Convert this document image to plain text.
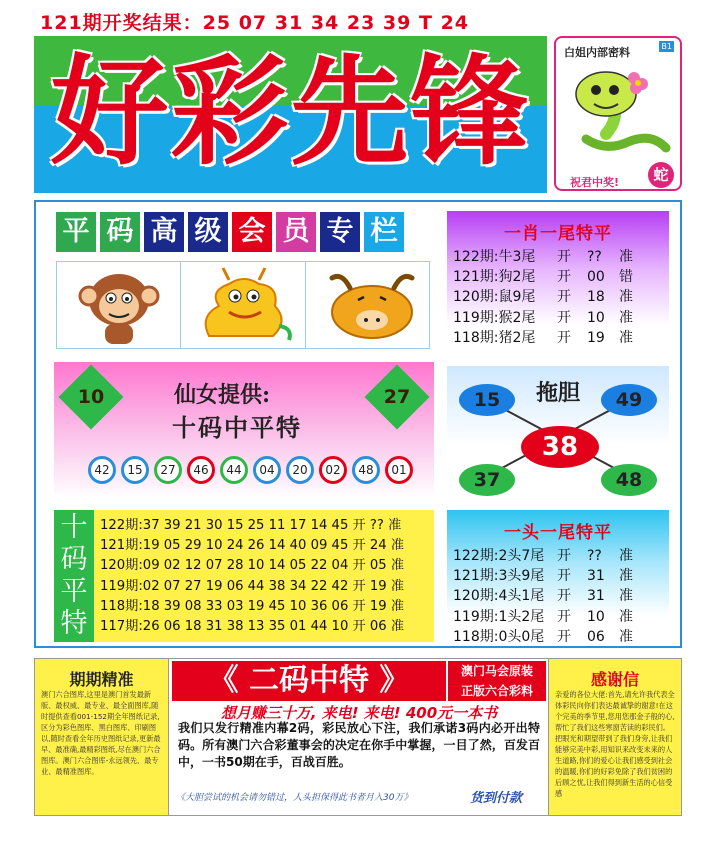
121期开奖结果：25 07 31 34 23 39 T 24
好彩先锋	白姐内部密料	B1
祝君中奖!	蛇
平 码 高 级 会 员 专 栏
10	27
仙女提供:
十码中平特
42	15	27	46	44	04	20	02	48	01
十
码
平
特
122期:37 39 21 30 15 25 11 17 14 45 开 ?? 准
121期:19 05 29 10 24 26 14 40 09 45 开 24 准
120期:09 02 12 07 28 10 14 05 22 04 开 05 准
119期:02 07 27 19 06 44 38 34 22 42 开 19 准
118期:18 39 08 33 03 19 45 10 36 06 开 19 准
117期:26 06 18 31 38 13 35 01 44 10 开 06 准
一肖一尾特平
122期:牛3尾 开 ?? 准
121期:狗2尾 开 00 错
120期:鼠9尾 开 18 准
119期:猴2尾 开 10 准
118期:猪2尾 开 19 准
拖胆
15	49
38
37	48
一头一尾特平
122期:2头7尾 开 ?? 准
121期:3头9尾 开 31 准
120期:4头1尾 开 31 准
119期:1头2尾 开 10 准
118期:0头0尾 开 06 准
期期精准
澳门六合图库,这里是澳门首发最新版、最权威、最专业、最全面图库,随时提供查看001-152期全年图纸记录,区分为彩色图库、黑白图库、印刷图以,随时查看全年历史图纸记录,更新最早、最准确,最精彩图纸,尽在澳门六合图库。澳门六合图库-永远领先、最专业、最精准图库。
感谢信
亲爱的各位大佬:首先,请允许我代表全体彩民向你们表达最诚挚的谢意!在这个完美的季节里,您用您那金子般的心,帮忙了我们这些寒窗苦读的彩民们。把眼光和期望带到了我们身旁,让我们能够完美中彩,用知识来改变未来的人生道路,你们的爱心让我们感受到社会的温暖,你们的好彩免除了我们贫困的后顾之忧,让我们得到新生活的心信受感
《 二码中特 》	澳门马会原装
正版六合彩料
想月赚三十万, 来电! 来电! 400元一本书
我们只发行精准内幕2码，彩民放心下注，我们承诺3码内必开出特码。所有澳门六合彩董事会的决定在你手中掌握，一目了然，百发百中，一书50期在手，百战百胜。
《大胆尝试的机会请勿错过，人头担保得此书者月入30万》	货到付款
